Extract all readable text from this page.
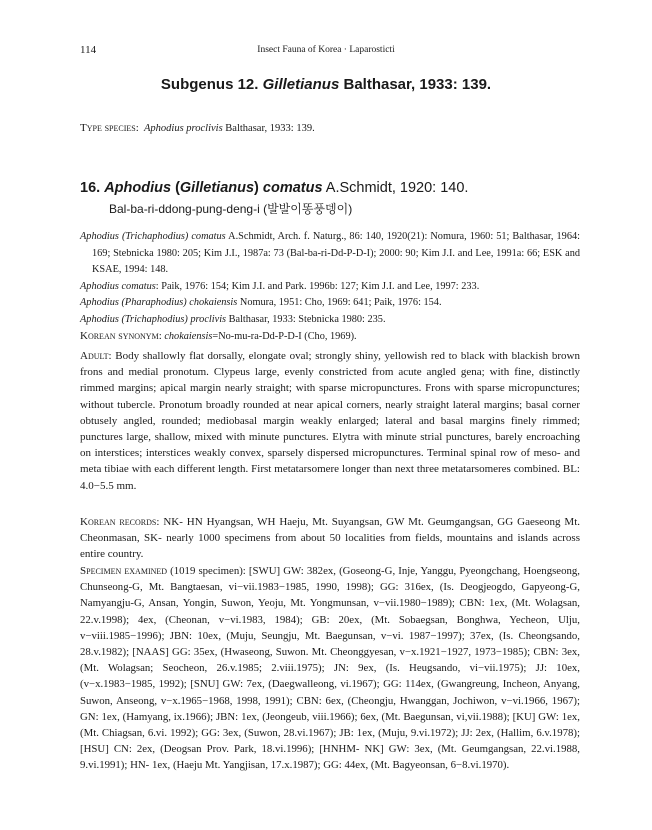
114	Insect Fauna of Korea · Laparosticti
Subgenus 12. Gilletianus Balthasar, 1933: 139.
Type species: Aphodius proclivis Balthasar, 1933: 139.
16. Aphodius (Gilletianus) comatus A.Schmidt, 1920: 140.
Bal-ba-ri-ddong-pung-deng-i (발발이똥풍뎅이)

Aphodius (Trichaphodius) comatus A.Schmidt, Arch. f. Naturg., 86: 140, 1920(21): Nomura, 1960: 51; Balthasar, 1964: 169; Stebnicka 1980: 205; Kim J.I., 1987a: 73 (Bal-ba-ri-Dd-P-D-I); 2000: 90; Kim J.I. and Lee, 1991a: 66; ESK and KSAE, 1994: 148.

Aphodius comatus: Paik, 1976: 154; Kim J.I. and Park. 1996b: 127; Kim J.I. and Lee, 1997: 233.

Aphodius (Pharaphodius) chokaiensis Nomura, 1951: Cho, 1969: 641; Paik, 1976: 154.

Aphodius (Trichaphodius) proclivis Balthasar, 1933: Stebnicka 1980: 235.

Korean synonym: chokaiensis=No-mu-ra-Dd-P-D-I (Cho, 1969).

Adult: Body shallowly flat dorsally, elongate oval; strongly shiny, yellowish red to black with blackish brown frons and medial pronotum. Clypeus large, evenly constricted from acute angled gena; with fine, distinctly rimmed margins; apical margin nearly straight; with sparse micropunctures. Frons with sparse micropunctures; without tubercle. Pronotum broadly rounded at near apical corners, nearly straight lateral margins; basal corner obtusely angled, rounded; mediobasal margin weakly enlarged; lateral and basal margins finely rimmed; punctures large, shallow, mixed with minute punctures. Elytra with minute strial punctures, barely encroaching on interstices; interstices weakly convex, sparsely dispersed micropunctures. Terminal spinal row of meso- and meta tibiae with each different length. First metatarsomere longer than next three metatarsomeres combined. BL: 4.0−5.5 mm.
Korean records: NK- HN Hyangsan, WH Haeju, Mt. Suyangsan, GW Mt. Geumgangsan, GG Gaeseong Mt. Cheonmasan, SK- nearly 1000 specimens from about 50 localities from fields, mountains and islands across entire country.
Specimen examined (1019 specimen): [SWU] GW: 382ex, (Goseong-G, Inje, Yanggu, Pyeongchang, Hoengseong, Chunseong-G, Mt. Bangtaesan, vi−vii.1983−1985, 1990, 1998); GG: 316ex, (Is. Deogjeogdo, Gapyeong-G, Namyangju-G, Ansan, Yongin, Suwon, Yeoju, Mt. Yongmunsan, v−vii.1980−1989); CBN: 1ex, (Mt. Wolagsan, 22.v.1998); 4ex, (Cheonan, v−vi.1983, 1984); GB: 20ex, (Mt. Sobaegsan, Bonghwa, Yecheon, Ulju, v−viii.1985−1996); JBN: 10ex, (Muju, Seungju, Mt. Baegunsan, v−vi. 1987−1997); 37ex, (Is. Cheongsando, 28.v.1982); [NAAS] GG: 35ex, (Hwaseong, Suwon. Mt. Cheonggyesan, v−x.1921−1927, 1973−1985); CBN: 3ex, (Mt. Wolagsan; Seocheon, 26.v.1985; 2.viii.1975); JN: 9ex, (Is. Heugsando, vi−vii.1975); JJ: 10ex, (v−x.1983−1985, 1992); [SNU] GW: 7ex, (Daegwalleong, vi.1967); GG: 114ex, (Gwangreung, Incheon, Anyang, Suwon, Anseong, v−x.1965−1968, 1998, 1991); CBN: 6ex, (Cheongju, Hwanggan, Jochiwon, v−vi.1966, 1967); GN: 1ex, (Hamyang, ix.1966); JBN: 1ex, (Jeongeub, viii.1966); 6ex, (Mt. Baegunsan, vi,vii.1988); [KU] GW: 1ex, (Mt. Chiagsan, 6.vi. 1992); GG: 3ex, (Suwon, 28.vi.1967); JB: 1ex, (Muju, 9.vi.1972); JJ: 2ex, (Hallim, 6.v.1978); [HSU] CN: 2ex, (Deogsan Prov. Park, 18.vi.1996); [HNHM- NK] GW: 3ex, (Mt. Geumgangsan, 22.vi.1988, 9.vi.1991); HN- 1ex, (Haeju Mt. Yangjisan, 17.x.1987); GG: 44ex, (Mt. Bagyeonsan, 6−8.vi.1970).
